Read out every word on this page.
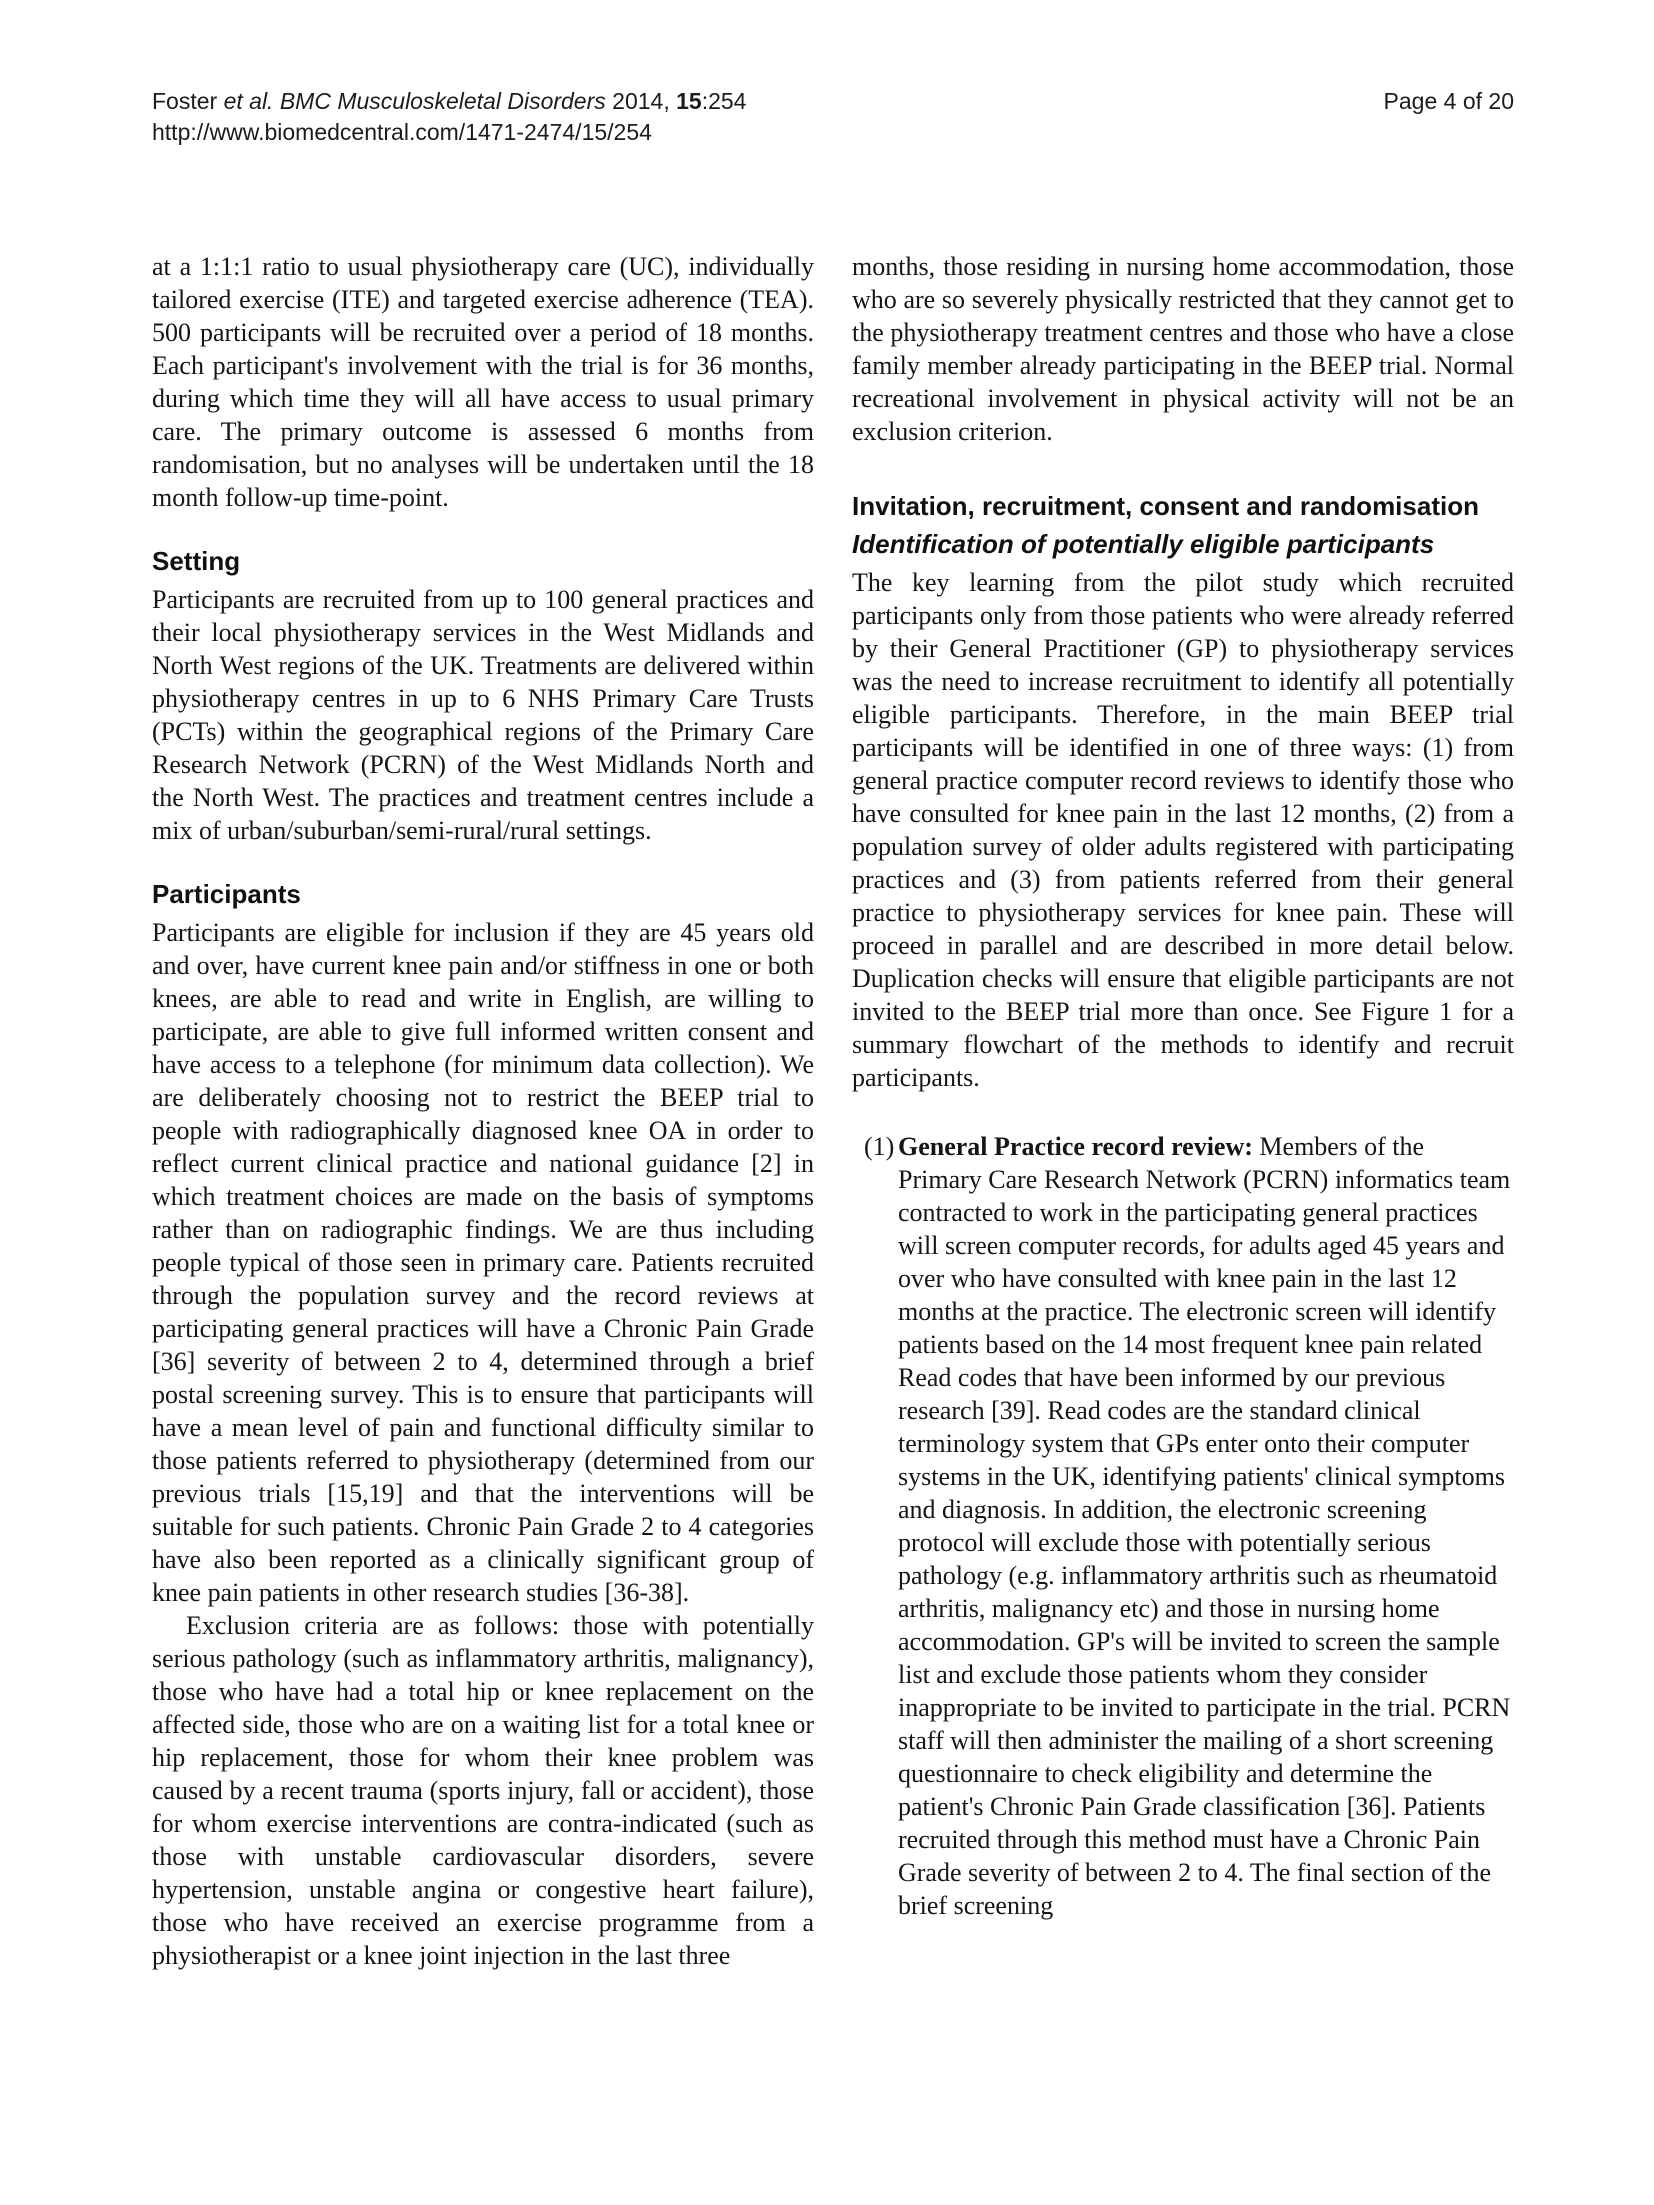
Foster et al. BMC Musculoskeletal Disorders 2014, 15:254
http://www.biomedcentral.com/1471-2474/15/254
Page 4 of 20

at a 1:1:1 ratio to usual physiotherapy care (UC), individually tailored exercise (ITE) and targeted exercise adherence (TEA). 500 participants will be recruited over a period of 18 months. Each participant's involvement with the trial is for 36 months, during which time they will all have access to usual primary care. The primary outcome is assessed 6 months from randomisation, but no analyses will be undertaken until the 18 month follow-up time-point.

Setting

Participants are recruited from up to 100 general practices and their local physiotherapy services in the West Midlands and North West regions of the UK. Treatments are delivered within physiotherapy centres in up to 6 NHS Primary Care Trusts (PCTs) within the geographical regions of the Primary Care Research Network (PCRN) of the West Midlands North and the North West. The practices and treatment centres include a mix of urban/suburban/semi-rural/rural settings.

Participants

Participants are eligible for inclusion if they are 45 years old and over, have current knee pain and/or stiffness in one or both knees, are able to read and write in English, are willing to participate, are able to give full informed written consent and have access to a telephone (for minimum data collection). We are deliberately choosing not to restrict the BEEP trial to people with radiographically diagnosed knee OA in order to reflect current clinical practice and national guidance [2] in which treatment choices are made on the basis of symptoms rather than on radiographic findings. We are thus including people typical of those seen in primary care. Patients recruited through the population survey and the record reviews at participating general practices will have a Chronic Pain Grade [36] severity of between 2 to 4, determined through a brief postal screening survey. This is to ensure that participants will have a mean level of pain and functional difficulty similar to those patients referred to physiotherapy (determined from our previous trials [15,19] and that the interventions will be suitable for such patients. Chronic Pain Grade 2 to 4 categories have also been reported as a clinically significant group of knee pain patients in other research studies [36-38].

Exclusion criteria are as follows: those with potentially serious pathology (such as inflammatory arthritis, malignancy), those who have had a total hip or knee replacement on the affected side, those who are on a waiting list for a total knee or hip replacement, those for whom their knee problem was caused by a recent trauma (sports injury, fall or accident), those for whom exercise interventions are contra-indicated (such as those with unstable cardiovascular disorders, severe hypertension, unstable angina or congestive heart failure), those who have received an exercise programme from a physiotherapist or a knee joint injection in the last three

months, those residing in nursing home accommodation, those who are so severely physically restricted that they cannot get to the physiotherapy treatment centres and those who have a close family member already participating in the BEEP trial. Normal recreational involvement in physical activity will not be an exclusion criterion.

Invitation, recruitment, consent and randomisation
Identification of potentially eligible participants

The key learning from the pilot study which recruited participants only from those patients who were already referred by their General Practitioner (GP) to physiotherapy services was the need to increase recruitment to identify all potentially eligible participants. Therefore, in the main BEEP trial participants will be identified in one of three ways: (1) from general practice computer record reviews to identify those who have consulted for knee pain in the last 12 months, (2) from a population survey of older adults registered with participating practices and (3) from patients referred from their general practice to physiotherapy services for knee pain. These will proceed in parallel and are described in more detail below. Duplication checks will ensure that eligible participants are not invited to the BEEP trial more than once. See Figure 1 for a summary flowchart of the methods to identify and recruit participants.

(1) General Practice record review: Members of the Primary Care Research Network (PCRN) informatics team contracted to work in the participating general practices will screen computer records, for adults aged 45 years and over who have consulted with knee pain in the last 12 months at the practice. The electronic screen will identify patients based on the 14 most frequent knee pain related Read codes that have been informed by our previous research [39]. Read codes are the standard clinical terminology system that GPs enter onto their computer systems in the UK, identifying patients' clinical symptoms and diagnosis. In addition, the electronic screening protocol will exclude those with potentially serious pathology (e.g. inflammatory arthritis such as rheumatoid arthritis, malignancy etc) and those in nursing home accommodation. GP's will be invited to screen the sample list and exclude those patients whom they consider inappropriate to be invited to participate in the trial. PCRN staff will then administer the mailing of a short screening questionnaire to check eligibility and determine the patient's Chronic Pain Grade classification [36]. Patients recruited through this method must have a Chronic Pain Grade severity of between 2 to 4. The final section of the brief screening
